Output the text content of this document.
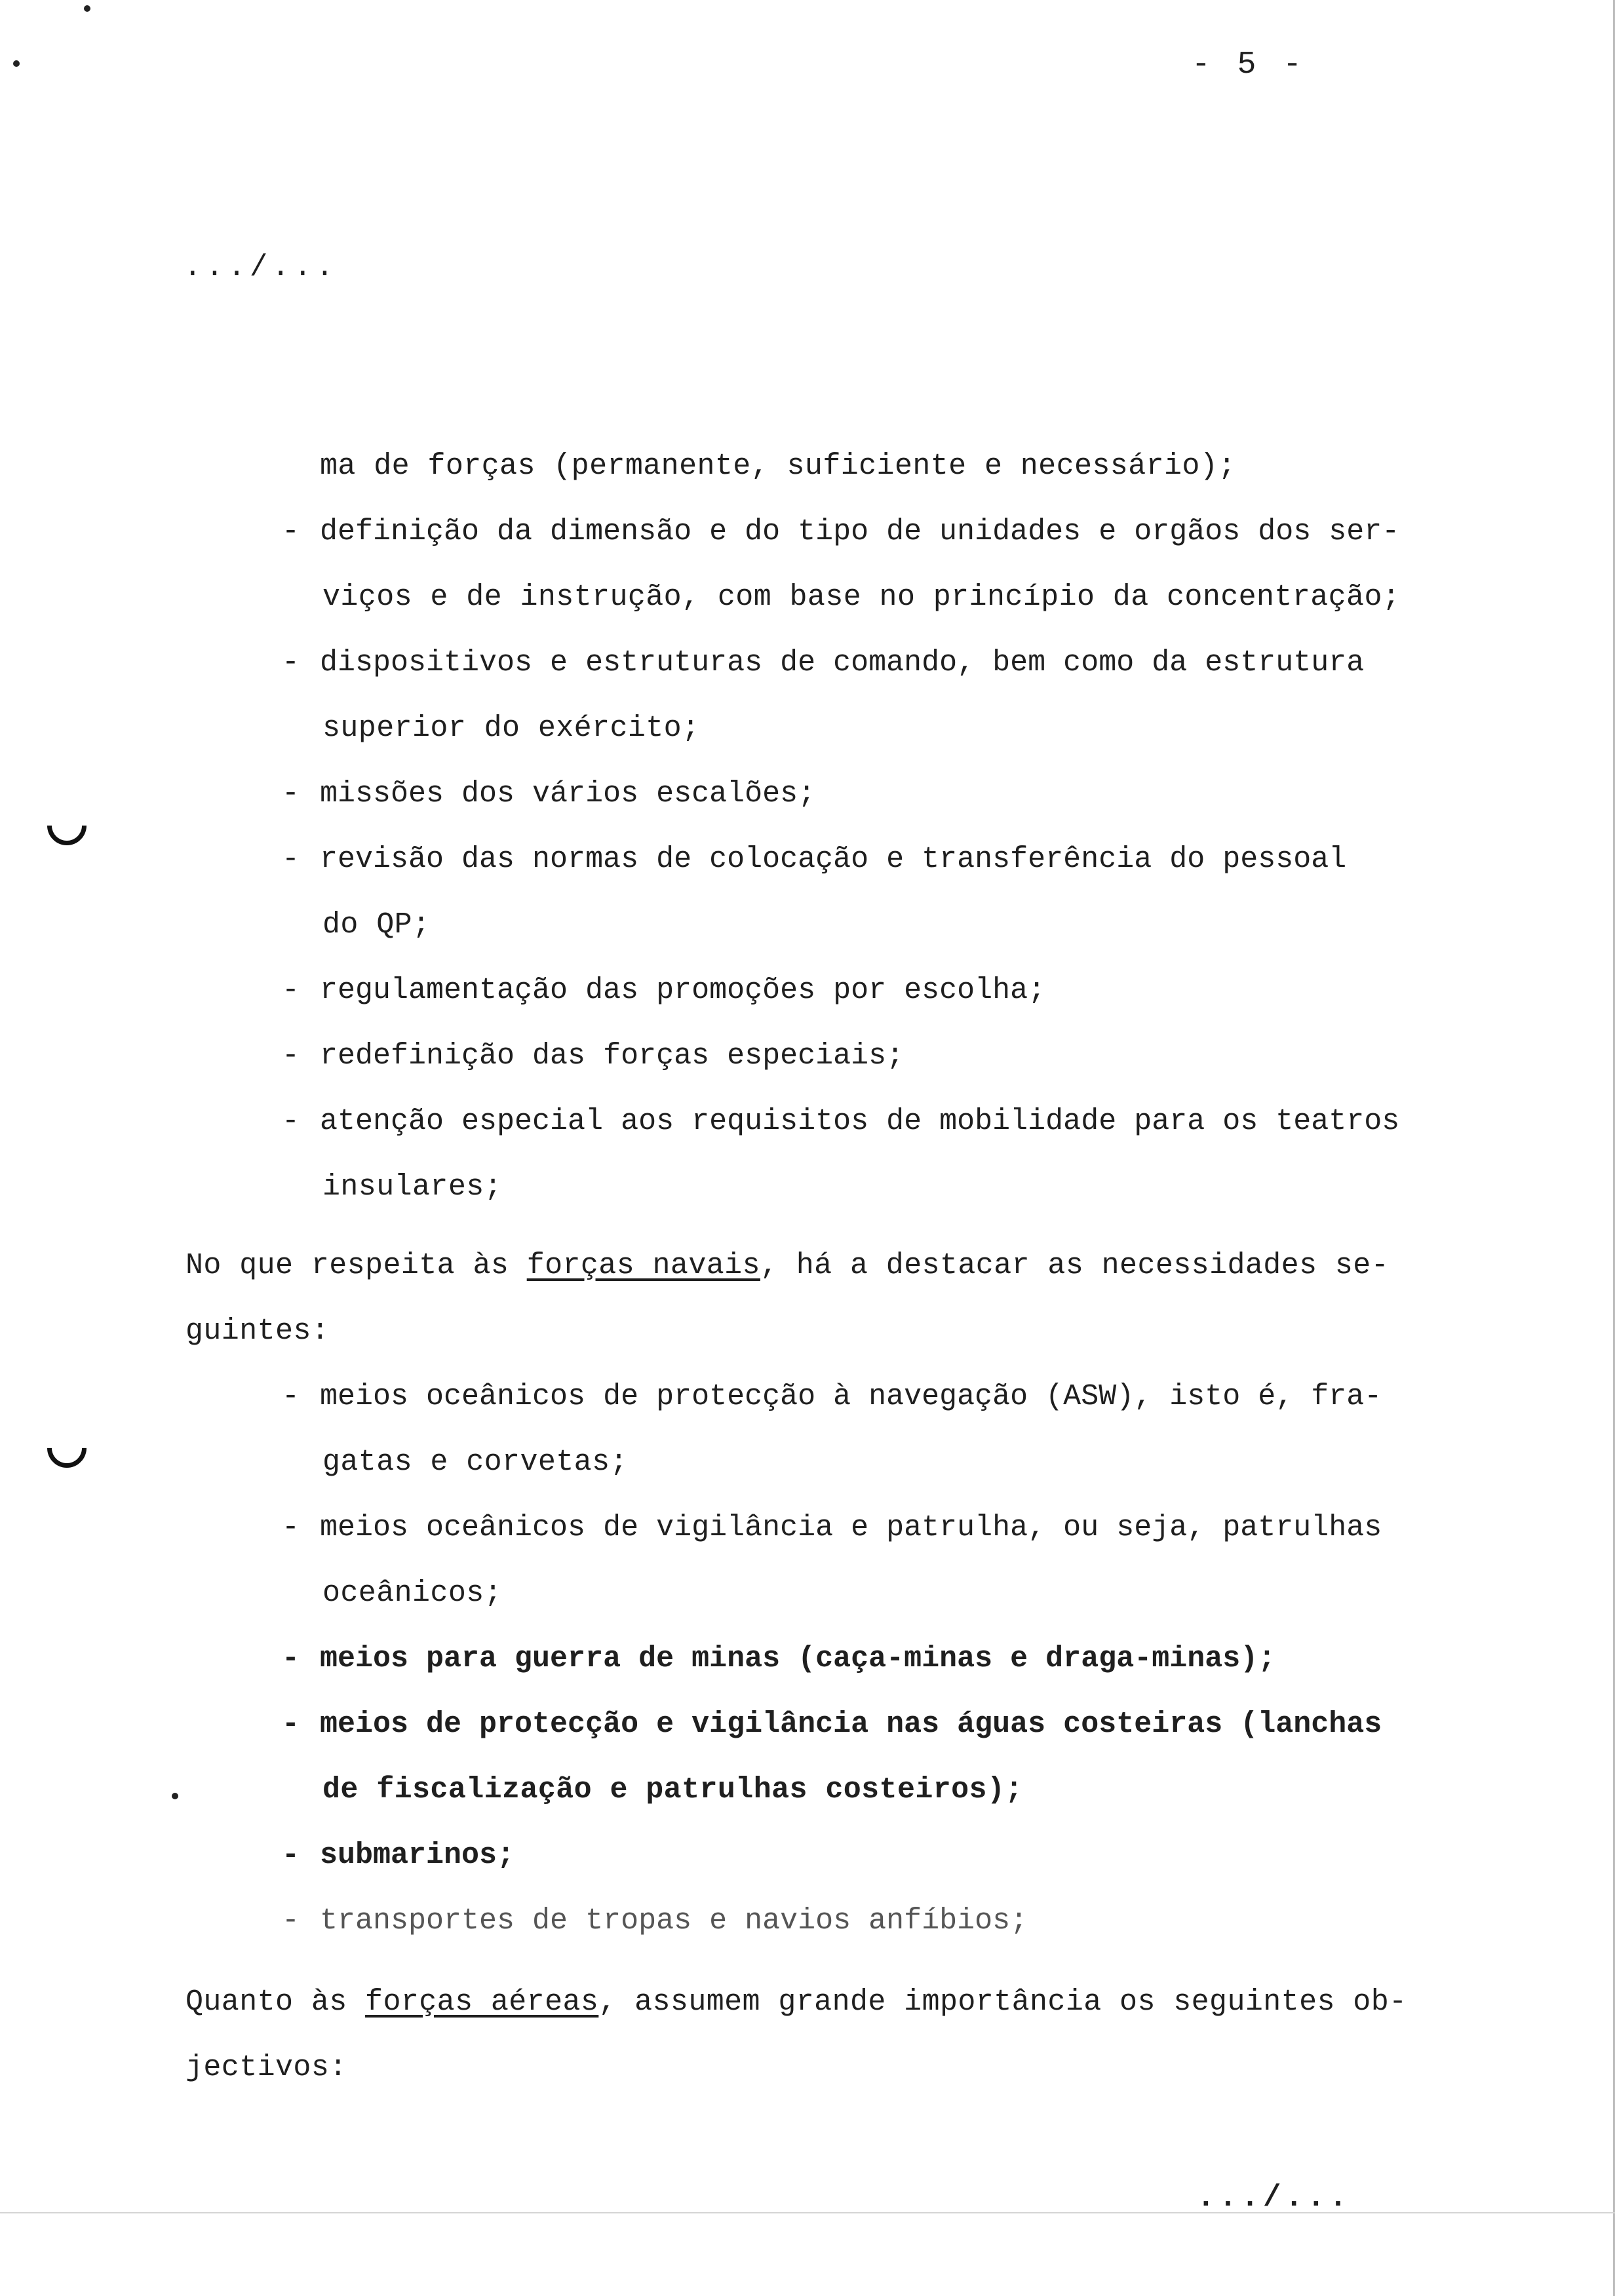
- 5 -
.../...
ma de forças (permanente, suficiente e necessário);
- definição da dimensão e do tipo de unidades e orgãos dos ser-
viços e de instrução, com base no princípio da concentração;
- dispositivos e estruturas de comando, bem como da estrutura
superior do exército;
- missões dos vários escalões;
- revisão das normas de colocação e transferência do pessoal
do QP;
- regulamentação das promoções por escolha;
- redefinição das forças especiais;
- atenção especial aos requisitos de mobilidade para os teatros
insulares;
No que respeita às forças navais, há a destacar as necessidades se-
guintes:
- meios oceânicos de protecção à navegação (ASW), isto é, fra-
gatas e corvetas;
- meios oceânicos de vigilância e patrulha, ou seja, patrulhas
oceânicos;
- meios para guerra de minas (caça-minas e draga-minas);
- meios de protecção e vigilância nas águas costeiras (lanchas
de fiscalização e patrulhas costeiros);
- submarinos;
- transportes de tropas e navios anfíbios;
Quanto às forças aéreas, assumem grande importância os seguintes ob-
jectivos:
.../...
